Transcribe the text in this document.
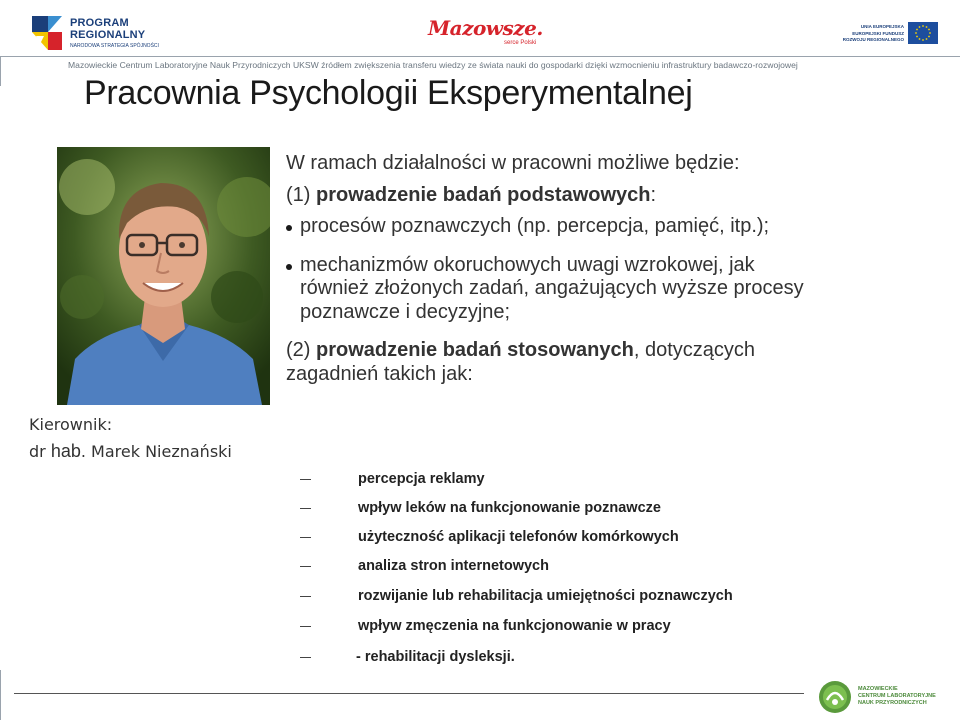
PROGRAM
REGIONALNY
NARODOWA STRATEGIA SPÓJNOŚCI
Mazowsze.
serce Polski
UNIA EUROPEJSKA
EUROPEJSKI FUNDUSZ
ROZWOJU REGIONALNEGO
Mazowieckie Centrum Laboratoryjne Nauk Przyrodniczych UKSW źródłem zwiększenia transferu wiedzy ze świata nauki do gospodarki dzięki wzmocnieniu infrastruktury badawczo-rozwojowej
Pracownia Psychologii Eksperymentalnej
Kierownik:
dr hab. Marek Nieznański

W ramach działalności w pracowni możliwe będzie:

(1) prowadzenie badań podstawowych:

procesów poznawczych (np. percepcja, pamięć, itp.);

mechanizmów okoruchowych uwagi wzrokowej, jak również złożonych zadań, angażujących wyższe procesy poznawcze i decyzyjne;

(2) prowadzenie badań stosowanych, dotyczących zagadnień takich jak:

percepcja reklamy
wpływ leków na funkcjonowanie poznawcze
użyteczność aplikacji telefonów komórkowych
analiza stron internetowych
rozwijanie lub rehabilitacja umiejętności poznawczych
wpływ zmęczenia na funkcjonowanie w pracy
- rehabilitacji dysleksji.
MAZOWIECKIE
CENTRUM LABORATORYJNE
NAUK PRZYRODNICZYCH
